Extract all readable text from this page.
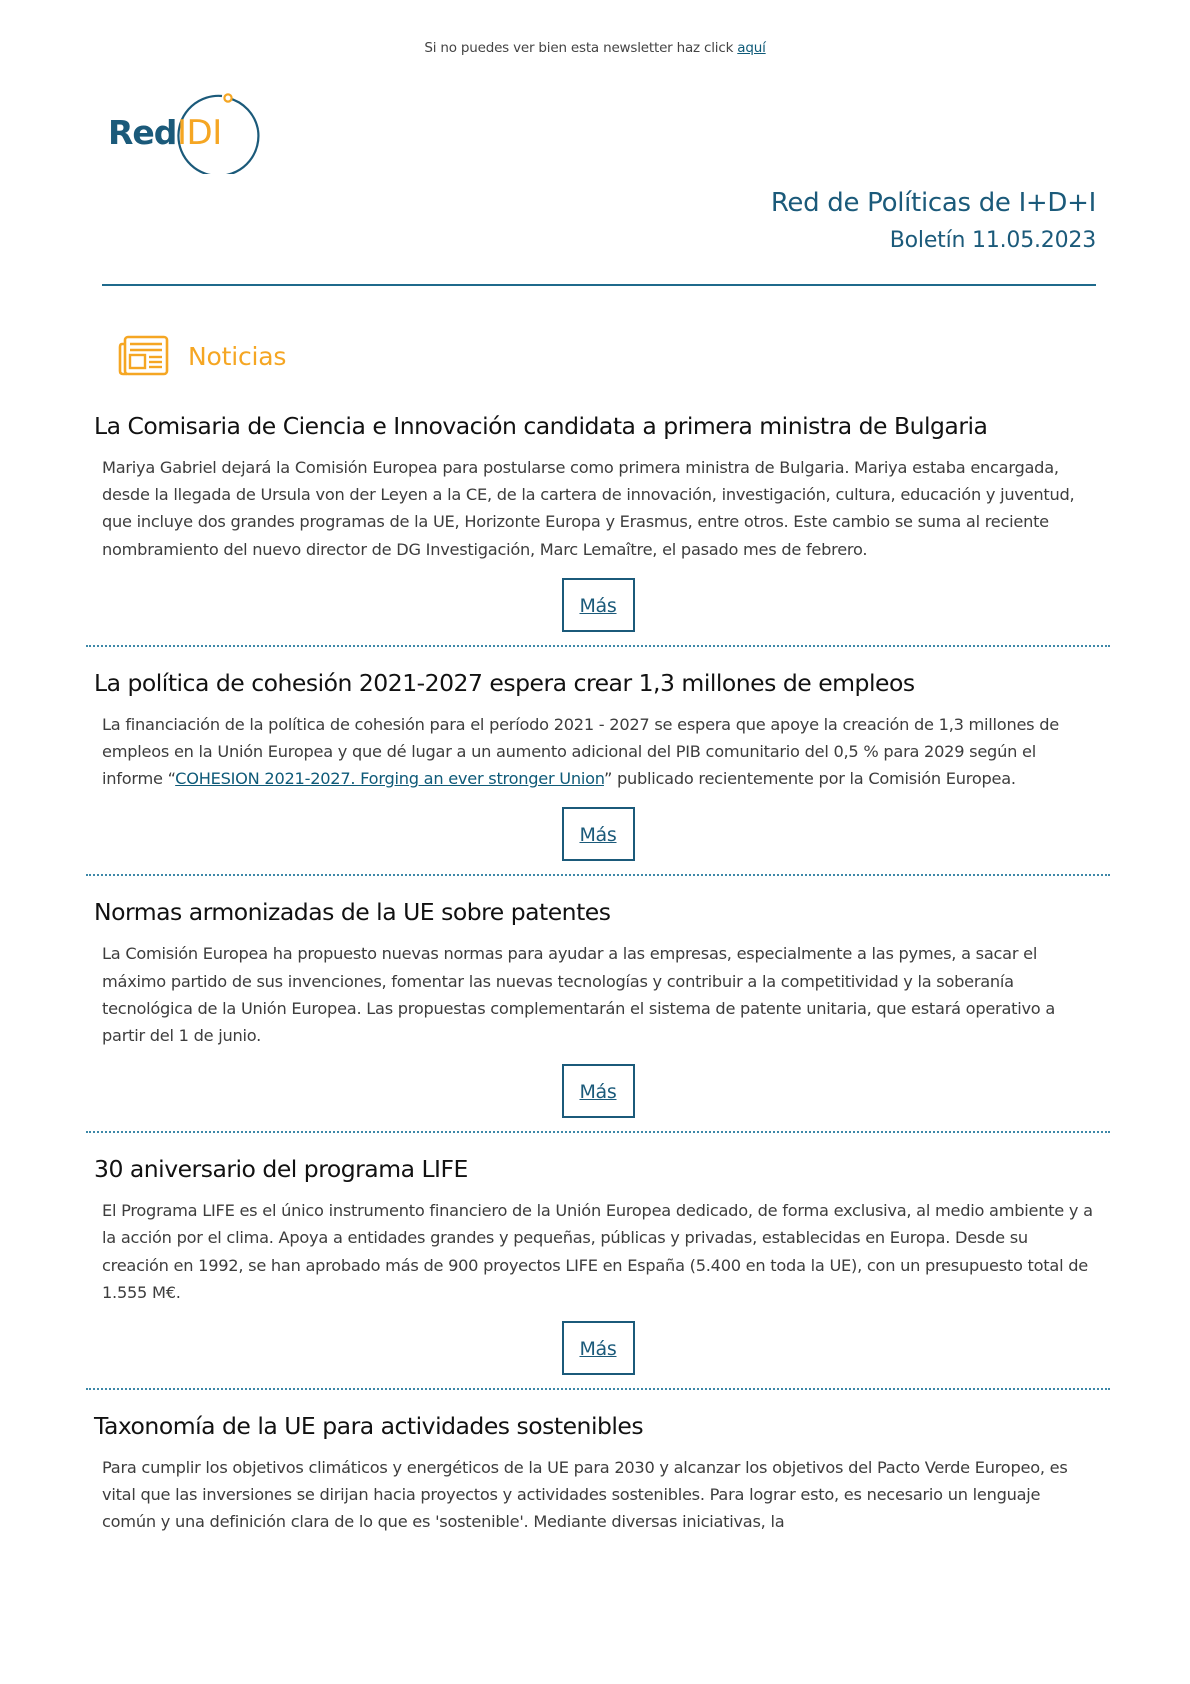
Si no puedes ver bien esta newsletter haz click aquí
Red IDI
Red de Políticas de I+D+I
Boletín 11.05.2023
Noticias
La Comisaria de Ciencia e Innovación candidata a primera ministra de Bulgaria

Mariya Gabriel dejará la Comisión Europea para postularse como primera ministra de Bulgaria. Mariya estaba encargada, desde la llegada de Ursula von der Leyen a la CE, de la cartera de innovación, investigación, cultura, educación y juventud, que incluye dos grandes programas de la UE, Horizonte Europa y Erasmus, entre otros. Este cambio se suma al reciente nombramiento del nuevo director de DG Investigación, Marc Lemaître, el pasado mes de febrero.

Más
La política de cohesión 2021-2027 espera crear 1,3 millones de empleos

La financiación de la política de cohesión para el período 2021 - 2027 se espera que apoye la creación de 1,3 millones de empleos en la Unión Europea y que dé lugar a un aumento adicional del PIB comunitario del 0,5 % para 2029 según el informe “COHESION 2021-2027. Forging an ever stronger Union” publicado recientemente por la Comisión Europea.

Más
Normas armonizadas de la UE sobre patentes

La Comisión Europea ha propuesto nuevas normas para ayudar a las empresas, especialmente a las pymes, a sacar el máximo partido de sus invenciones, fomentar las nuevas tecnologías y contribuir a la competitividad y la soberanía tecnológica de la Unión Europea. Las propuestas complementarán el sistema de patente unitaria, que estará operativo a partir del 1 de junio.

Más
30 aniversario del programa LIFE

El Programa LIFE es el único instrumento financiero de la Unión Europea dedicado, de forma exclusiva, al medio ambiente y a la acción por el clima. Apoya a entidades grandes y pequeñas, públicas y privadas, establecidas en Europa. Desde su creación en 1992, se han aprobado más de 900 proyectos LIFE en España (5.400 en toda la UE), con un presupuesto total de 1.555 M€.

Más
Taxonomía de la UE para actividades sostenibles

Para cumplir los objetivos climáticos y energéticos de la UE para 2030 y alcanzar los objetivos del Pacto Verde Europeo, es vital que las inversiones se dirijan hacia proyectos y actividades sostenibles. Para lograr esto, es necesario un lenguaje común y una definición clara de lo que es 'sostenible'. Mediante diversas iniciativas, la
